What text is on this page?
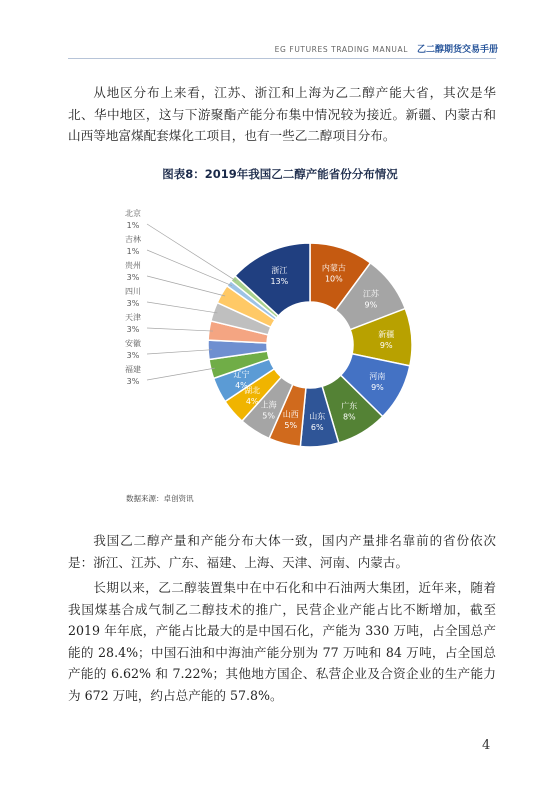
EG FUTURES TRADING MANUAL 乙二醇期货交易手册

从地区分布上来看，江苏、浙江和上海为乙二醇产能大省，其次是华北、华中地区，这与下游聚酯产能分布集中情况较为接近。新疆、内蒙古和山西等地富煤配套煤化工项目，也有一些乙二醇项目分布。

图表8：2019年我国乙二醇产能省份分布情况
内蒙古
10%
江苏
9%
新疆
9%
河南
9%
广东
8%
山东
6%
山西
5%
上海
5%
湖北
4%
辽宁
4%
浙江
13%
北京
1%
吉林
1%
贵州
3%
四川
3%
天津
3%
安徽
3%
福建
3%
数据来源：卓创资讯

我国乙二醇产量和产能分布大体一致，国内产量排名靠前的省份依次是：浙江、江苏、广东、福建、上海、天津、河南、内蒙古。

长期以来，乙二醇装置集中在中石化和中石油两大集团，近年来，随着我国煤基合成气制乙二醇技术的推广，民营企业产能占比不断增加，截至 2019 年年底，产能占比最大的是中国石化，产能为 330 万吨，占全国总产能的 28.4%；中国石油和中海油产能分别为 77 万吨和 84 万吨，占全国总产能的 6.62% 和 7.22%；其他地方国企、私营企业及合资企业的生产能力为 672 万吨，约占总产能的 57.8%。

4
